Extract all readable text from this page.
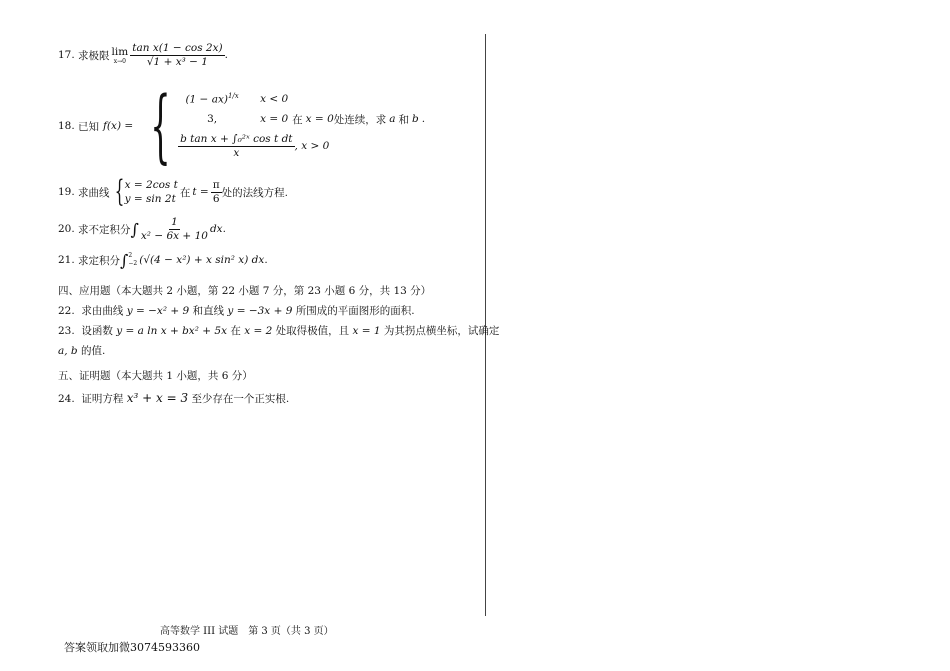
17.
求极限 lim
$x\to 0 \frac{\text{tan x(1 − cos 2x)}}{\text{√1 + x³ − 1}}$ .
18.
已知 f(x) = {	(1 − ax)$^{1/x}$	x < 0
3,	x = 0 在 x = 0 处连续，求 a 和 b .
$\frac{\text{b tan x + ∫₀²ˣ cos t dt}}{x}$ , x > 0
19.
求曲线 { x = 2cos t
y = sin 2t
在 $t = \frac{\pi}{6}$ 处的法线方程.
20.
求不定积分 ∫ $\frac{1}{\text{x² − 6x + 10}}$ dx .
21.
求定积分 ∫ 2
−2 (√(4 − x²) + x sin² x) dx .
四、应用题（本大题共 2 小题，第 22 小题 7 分，第 23 小题 6 分，共 13 分）
22. 求由曲线 y = −x² + 9 和直线 y = −3x + 9 所围成的平面图形的面积.
23. 设函数 y = a ln x + bx² + 5x 在 x = 2 处取得极值，且 x = 1 为其拐点横坐标，试确定
a, b 的值.
五、证明题（本大题共 1 小题，共 6 分）
24. 证明方程 x³ + x = 3 至少存在一个正实根.
高等数学 III 试题　第 3 页（共 3 页）
答案领取加微3074593360
